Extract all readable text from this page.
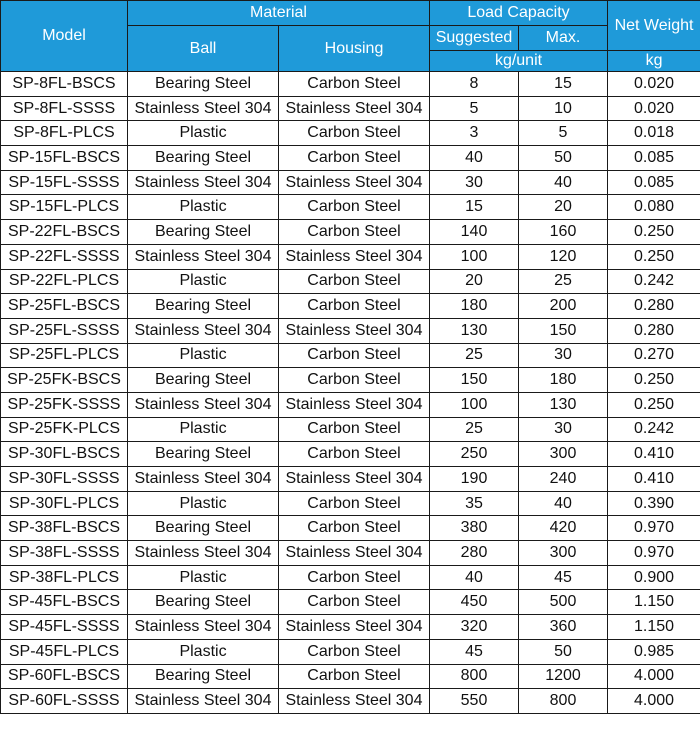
Model	Material		Load Capacity		Net Weight
	Ball	Housing	Suggested	Max.	
			kg/unit		kg
SP-8FL-BSCS	Bearing Steel	Carbon Steel	8	15	0.020
SP-8FL-SSSS	Stainless Steel 304	Stainless Steel 304	5	10	0.020
SP-8FL-PLCS	Plastic	Carbon Steel	3	5	0.018
SP-15FL-BSCS	Bearing Steel	Carbon Steel	40	50	0.085
SP-15FL-SSSS	Stainless Steel 304	Stainless Steel 304	30	40	0.085
SP-15FL-PLCS	Plastic	Carbon Steel	15	20	0.080
SP-22FL-BSCS	Bearing Steel	Carbon Steel	140	160	0.250
SP-22FL-SSSS	Stainless Steel 304	Stainless Steel 304	100	120	0.250
SP-22FL-PLCS	Plastic	Carbon Steel	20	25	0.242
SP-25FL-BSCS	Bearing Steel	Carbon Steel	180	200	0.280
SP-25FL-SSSS	Stainless Steel 304	Stainless Steel 304	130	150	0.280
SP-25FL-PLCS	Plastic	Carbon Steel	25	30	0.270
SP-25FK-BSCS	Bearing Steel	Carbon Steel	150	180	0.250
SP-25FK-SSSS	Stainless Steel 304	Stainless Steel 304	100	130	0.250
SP-25FK-PLCS	Plastic	Carbon Steel	25	30	0.242
SP-30FL-BSCS	Bearing Steel	Carbon Steel	250	300	0.410
SP-30FL-SSSS	Stainless Steel 304	Stainless Steel 304	190	240	0.410
SP-30FL-PLCS	Plastic	Carbon Steel	35	40	0.390
SP-38FL-BSCS	Bearing Steel	Carbon Steel	380	420	0.970
SP-38FL-SSSS	Stainless Steel 304	Stainless Steel 304	280	300	0.970
SP-38FL-PLCS	Plastic	Carbon Steel	40	45	0.900
SP-45FL-BSCS	Bearing Steel	Carbon Steel	450	500	1.150
SP-45FL-SSSS	Stainless Steel 304	Stainless Steel 304	320	360	1.150
SP-45FL-PLCS	Plastic	Carbon Steel	45	50	0.985
SP-60FL-BSCS	Bearing Steel	Carbon Steel	800	1200	4.000
SP-60FL-SSSS	Stainless Steel 304	Stainless Steel 304	550	800	4.000
